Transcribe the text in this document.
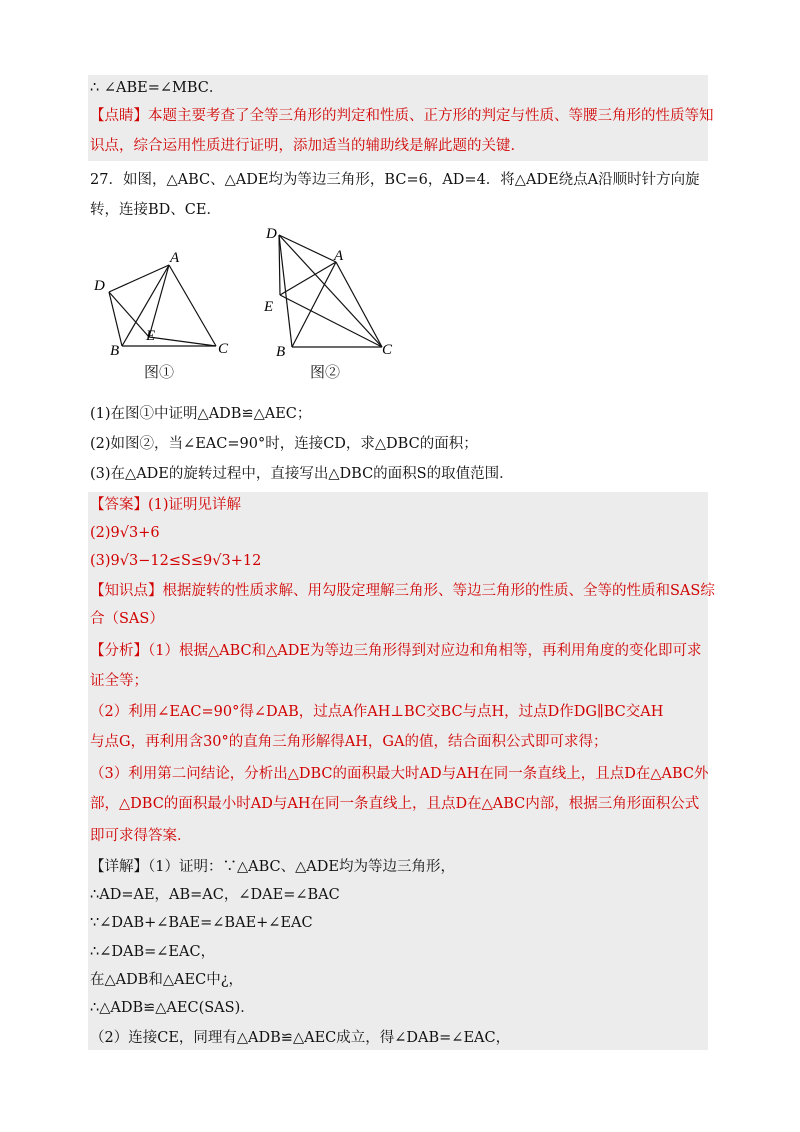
∴ ∠ABE=∠MBC．
【点睛】本题主要考查了全等三角形的判定和性质、正方形的判定与性质、等腰三角形的性质等知
识点，综合运用性质进行证明，添加适当的辅助线是解此题的关键．
27．如图，△ABC、△ADE均为等边三角形，BC=6，AD=4．将△ADE绕点A沿顺时针方向旋
转，连接BD、CE．
A
D
E
B	C
图①
D
A
E
B	C
图②
(1)在图①中证明△ADB≌△AEC；
(2)如图②，当∠EAC=90°时，连接CD，求△DBC的面积；
(3)在△ADE的旋转过程中，直接写出△DBC的面积S的取值范围．
【答案】(1)证明见详解
(2)9√3+6
(3)9√3−12≤S≤9√3+12
【知识点】根据旋转的性质求解、用勾股定理解三角形、等边三角形的性质、全等的性质和SAS综
合（SAS）
【分析】（1）根据△ABC和△ADE为等边三角形得到对应边和角相等，再利用角度的变化即可求
证全等；
（2）利用∠EAC=90°得∠DAB，过点A作AH⊥BC交BC与点H，过点D作DG∥BC交AH
与点G，再利用含30°的直角三角形解得AH，GA的值，结合面积公式即可求得；
（3）利用第二问结论，分析出△DBC的面积最大时AD与AH在同一条直线上，且点D在△ABC外
部，△DBC的面积最小时AD与AH在同一条直线上，且点D在△ABC内部，根据三角形面积公式
即可求得答案．
【详解】（1）证明：∵△ABC、△ADE均为等边三角形，
∴AD=AE，AB=AC，∠DAE=∠BAC
∵∠DAB+∠BAE=∠BAE+∠EAC
∴∠DAB=∠EAC，
在△ADB和△AEC中¿，
∴△ADB≌△AEC(SAS)．
（2）连接CE，同理有△ADB≌△AEC成立，得∠DAB=∠EAC，
